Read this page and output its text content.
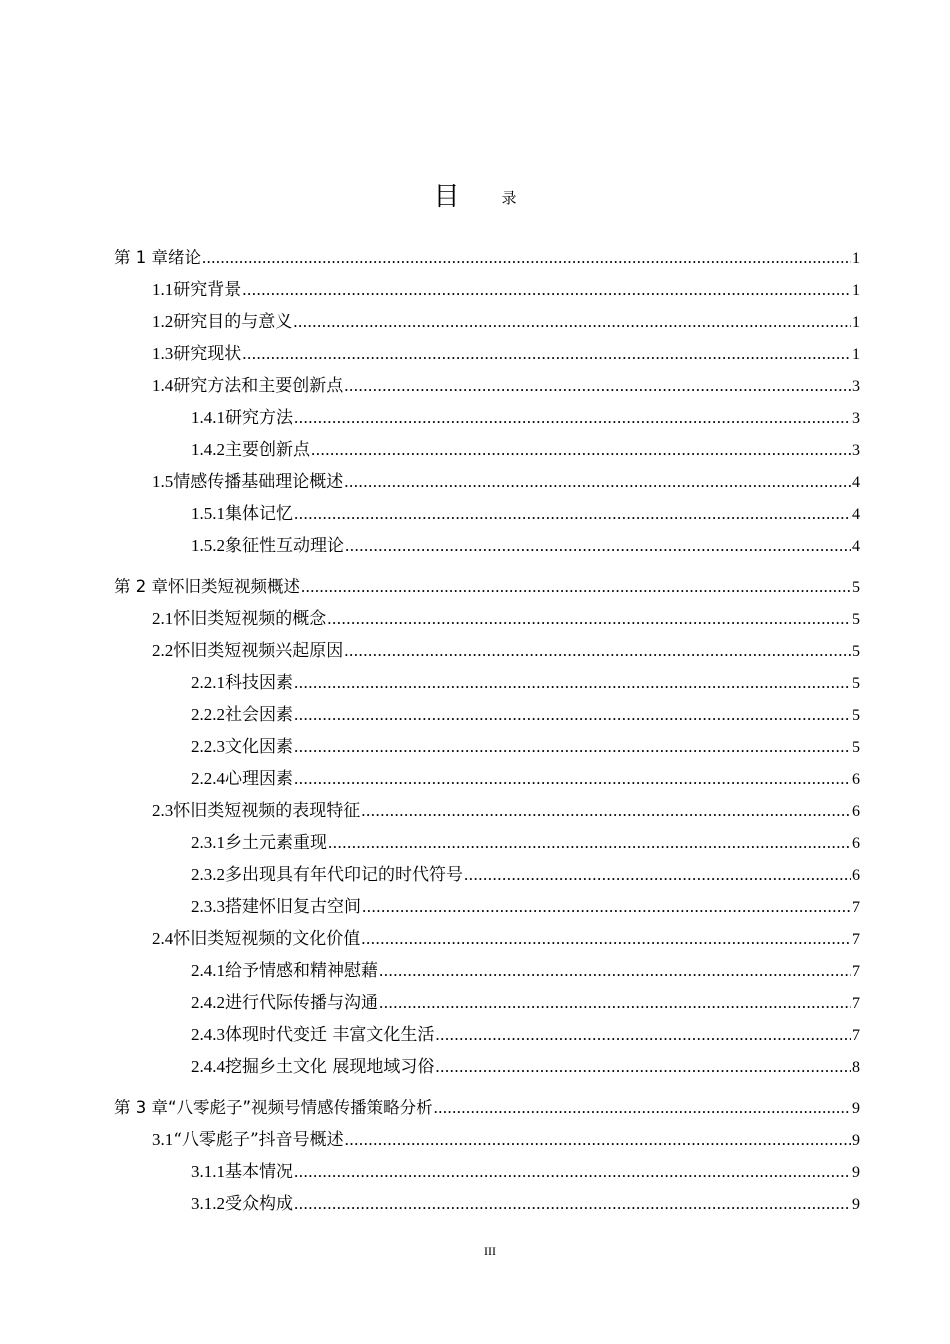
目	录
第 1 章 绪论 .....	1
1.1 研究背景 .....	1
1.2 研究目的与意义 .....	1
1.3 研究现状 .....	1
1.4 研究方法和主要创新点 .....	3
1.4.1 研究方法 .....	3
1.4.2 主要创新点 .....	3
1.5 情感传播基础理论概述 .....	4
1.5.1 集体记忆 .....	4
1.5.2 象征性互动理论 .....	4
第 2 章 怀旧类短视频概述 .....	5
2.1 怀旧类短视频的概念 .....	5
2.2 怀旧类短视频兴起原因 .....	5
2.2.1 科技因素 .....	5
2.2.2 社会因素 .....	5
2.2.3 文化因素 .....	5
2.2.4 心理因素 .....	6
2.3 怀旧类短视频的表现特征 .....	6
2.3.1 乡土元素重现 .....	6
2.3.2 多出现具有年代印记的时代符号 .....	6
2.3.3 搭建怀旧复古空间 .....	7
2.4 怀旧类短视频的文化价值 .....	7
2.4.1 给予情感和精神慰藉 .....	7
2.4.2 进行代际传播与沟通 .....	7
2.4.3 体现时代变迁 丰富文化生活 .....	7
2.4.4 挖掘乡土文化 展现地域习俗 .....	8
第 3 章 “八零彪子”视频号情感传播策略分析 .....	9
3.1 “八零彪子”抖音号概述 .....	9
3.1.1 基本情况 .....	9
3.1.2 受众构成 .....	9
III
